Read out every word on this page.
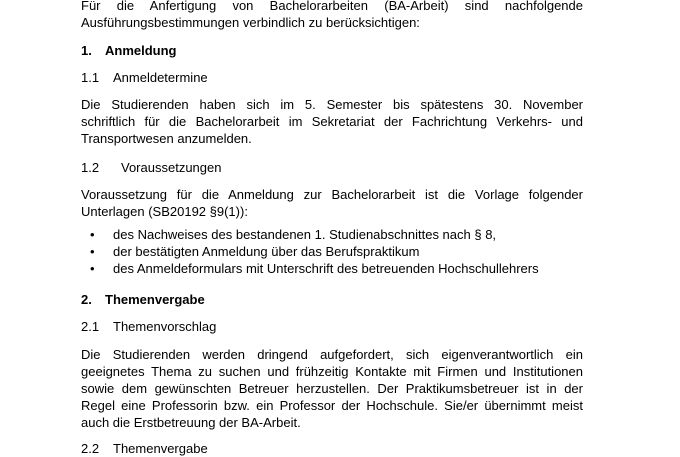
Für die Anfertigung von Bachelorarbeiten (BA-Arbeit) sind nachfolgende

Ausführungsbestimmungen verbindlich zu berücksichtigen:

1. Anmeldung
1.1 Anmeldetermine

Die Studierenden haben sich im 5. Semester bis spätestens 30. November

schriftlich für die Bachelorarbeit im Sekretariat der Fachrichtung Verkehrs- und

Transportwesen anzumelden.

1.2 Voraussetzungen

Voraussetzung für die Anmeldung zur Bachelorarbeit ist die Vorlage folgender

Unterlagen (SB20192 §9(1)):

• des Nachweises des bestandenen 1. Studienabschnittes nach § 8,
• der bestätigten Anmeldung über das Berufspraktikum
• des Anmeldeformulars mit Unterschrift des betreuenden Hochschullehrers
2. Themenvergabe
2.1 Themenvorschlag

Die Studierenden werden dringend aufgefordert, sich eigenverantwortlich ein

geeignetes Thema zu suchen und frühzeitig Kontakte mit Firmen und Institutionen

sowie dem gewünschten Betreuer herzustellen. Der Praktikumsbetreuer ist in der

Regel eine Professorin bzw. ein Professor der Hochschule. Sie/er übernimmt meist

auch die Erstbetreuung der BA-Arbeit.

2.2 Themenvergabe
